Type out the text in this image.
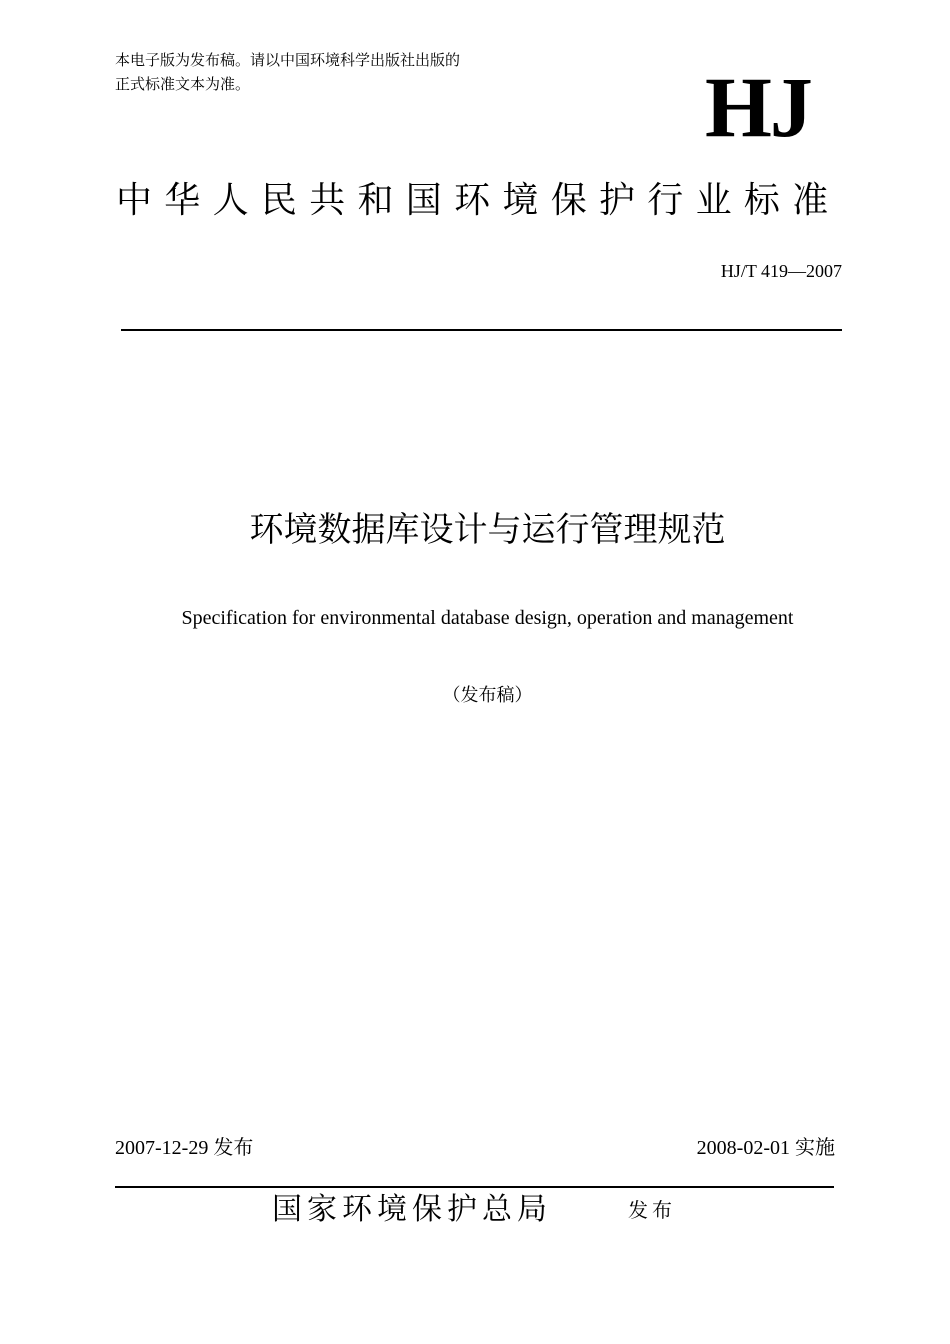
本电子版为发布稿。请以中国环境科学出版社出版的
正式标准文本为准。	HJ
中华人民共和国环境保护行业标准
HJ/T 419—2007
环境数据库设计与运行管理规范
Specification for environmental database design, operation and management
（发布稿）
2007-12-29 发布	2008-02-01 实施
国家环境保护总局	发布
